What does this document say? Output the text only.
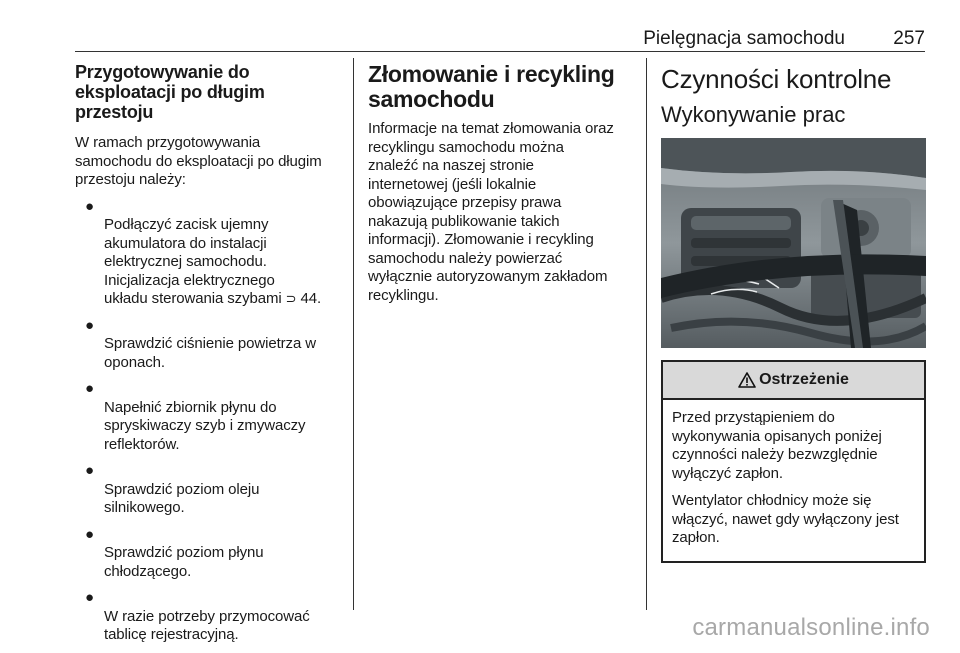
Pielęgnacja samochodu	257
Przygotowywanie do eksploatacji po długim przestoju

W ramach przygotowywania
samochodu do eksploatacji po długim
przestoju należy:

●
Podłączyć zacisk ujemny
akumulatora do instalacji
elektrycznej samochodu.
Inicjalizacja elektrycznego
układu sterowania szybami ⊃ 44.

●
Sprawdzić ciśnienie powietrza w
oponach.

●
Napełnić zbiornik płynu do
spryskiwaczy szyb i zmywaczy
reflektorów.

●
Sprawdzić poziom oleju
silnikowego.

●
Sprawdzić poziom płynu
chłodzącego.

●
W razie potrzeby przymocować
tablicę rejestracyjną.

Złomowanie i recykling samochodu

Informacje na temat złomowania oraz
recyklingu samochodu można
znaleźć na naszej stronie
internetowej (jeśli lokalnie
obowiązujące przepisy prawa
nakazują publikowanie takich
informacji). Złomowanie i recykling
samochodu należy powierzać
wyłącznie autoryzowanym zakładom
recyklingu.

Czynności kontrolne
Wykonywanie prac
Ostrzeżenie

Przed przystąpieniem do
wykonywania opisanych poniżej
czynności należy bezwzględnie
wyłączyć zapłon.

Wentylator chłodnicy może się
włączyć, nawet gdy wyłączony jest
zapłon.

carmanualsonline.info
